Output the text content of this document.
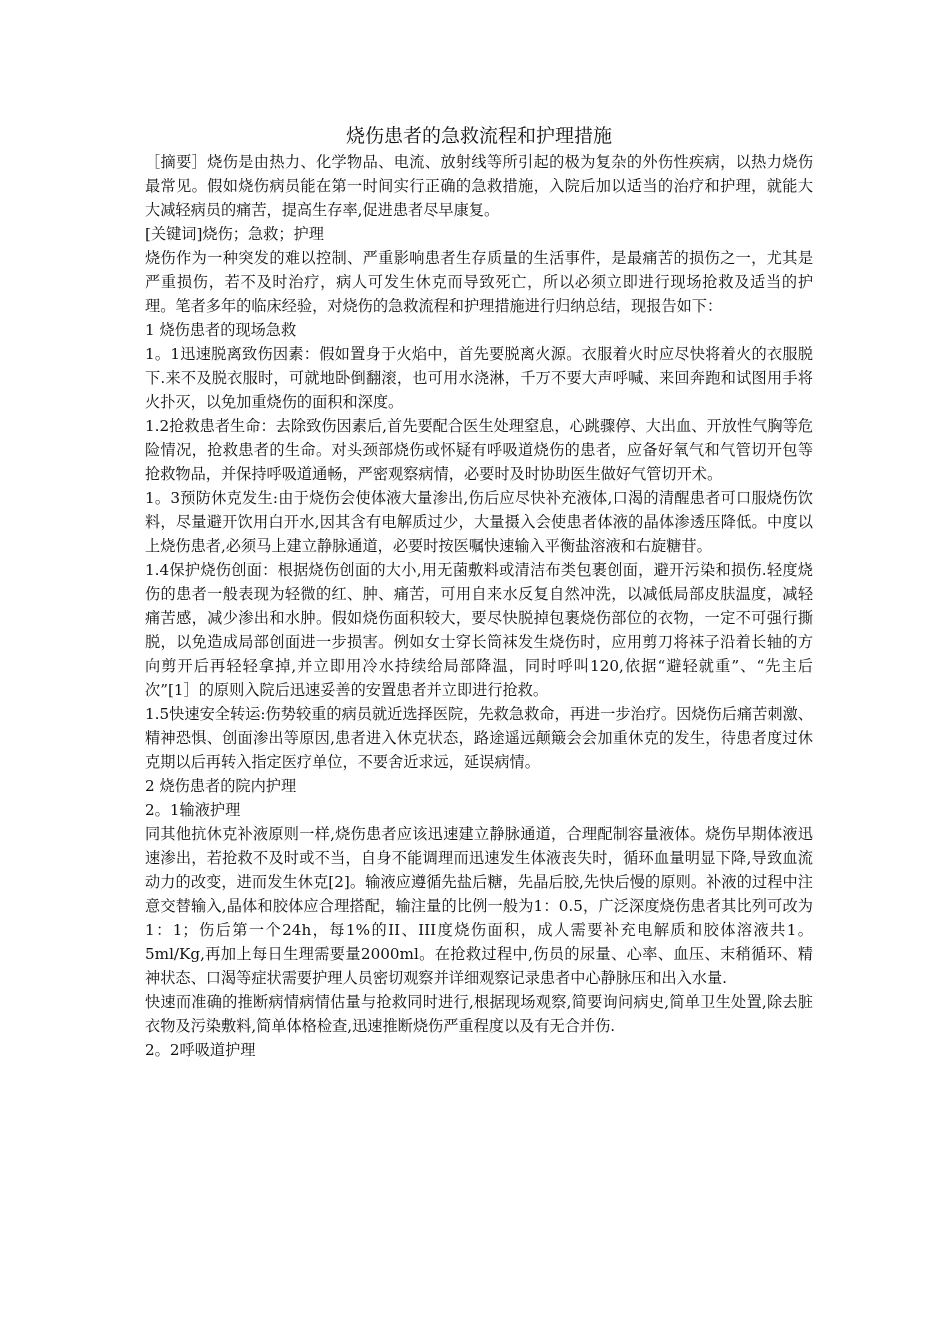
烧伤患者的急救流程和护理措施

［摘要］烧伤是由热力、化学物品、电流、放射线等所引起的极为复杂的外伤性疾病，以热力烧伤最常见。假如烧伤病员能在第一时间实行正确的急救措施，入院后加以适当的治疗和护理，就能大大减轻病员的痛苦，提高生存率,促进患者尽早康复。

[关键词]烧伤；急救；护理

烧伤作为一种突发的难以控制、严重影响患者生存质量的生活事件，是最痛苦的损伤之一，尤其是严重损伤，若不及时治疗，病人可发生休克而导致死亡，所以必须立即进行现场抢救及适当的护理。笔者多年的临床经验，对烧伤的急救流程和护理措施进行归纳总结，现报告如下：

1 烧伤患者的现场急救

1。1迅速脱离致伤因素：假如置身于火焰中，首先要脱离火源。衣服着火时应尽快将着火的衣服脱下.来不及脱衣服时，可就地卧倒翻滚，也可用水浇淋，千万不要大声呼喊、来回奔跑和试图用手将火扑灭，以免加重烧伤的面积和深度。

1.2抢救患者生命：去除致伤因素后,首先要配合医生处理窒息，心跳骤停、大出血、开放性气胸等危险情况，抢救患者的生命。对头颈部烧伤或怀疑有呼吸道烧伤的患者，应备好氧气和气管切开包等抢救物品，并保持呼吸道通畅，严密观察病情，必要时及时协助医生做好气管切开术。

1。3预防休克发生:由于烧伤会使体液大量渗出,伤后应尽快补充液体,口渴的清醒患者可口服烧伤饮料，尽量避开饮用白开水,因其含有电解质过少，大量摄入会使患者体液的晶体渗透压降低。中度以上烧伤患者,必须马上建立静脉通道，必要时按医嘱快速输入平衡盐溶液和右旋糖苷。

1.4保护烧伤创面：根据烧伤创面的大小,用无菌敷料或清洁布类包裹创面，避开污染和损伤.轻度烧伤的患者一般表现为轻微的红、肿、痛苦，可用自来水反复自然冲洗，以减低局部皮肤温度，减轻痛苦感，减少渗出和水肿。假如烧伤面积较大，要尽快脱掉包裹烧伤部位的衣物，一定不可强行撕脱，以免造成局部创面进一步损害。例如女士穿长筒袜发生烧伤时，应用剪刀将袜子沿着长轴的方向剪开后再轻轻拿掉,并立即用冷水持续给局部降温，同时呼叫120,依据“避轻就重”、“先主后次”[1］的原则入院后迅速妥善的安置患者并立即进行抢救。

1.5快速安全转运:伤势较重的病员就近选择医院，先救急救命，再进一步治疗。因烧伤后痛苦刺激、精神恐惧、创面渗出等原因,患者进入休克状态，路途遥远颠簸会会加重休克的发生，待患者度过休克期以后再转入指定医疗单位，不要舍近求远，延误病情。

2 烧伤患者的院内护理

2。1输液护理

同其他抗休克补液原则一样,烧伤患者应该迅速建立静脉通道，合理配制容量液体。烧伤早期体液迅速渗出，若抢救不及时或不当，自身不能调理而迅速发生体液丧失时，循环血量明显下降,导致血流动力的改变，进而发生休克[2]。输液应遵循先盐后糖，先晶后胶,先快后慢的原则。补液的过程中注意交替输入,晶体和胶体应合理搭配，输注量的比例一般为1：0.5，广泛深度烧伤患者其比列可改为1：1；伤后第一个24h，每1%的II、III度烧伤面积，成人需要补充电解质和胶体溶液共1。5ml/Kg,再加上每日生理需要量2000ml。在抢救过程中,伤员的尿量、心率、血压、末稍循环、精神状态、口渴等症状需要护理人员密切观察并详细观察记录患者中心静脉压和出入水量.

快速而准确的推断病情病情估量与抢救同时进行,根据现场观察,简要询问病史,简单卫生处置,除去脏衣物及污染敷料,简单体格检查,迅速推断烧伤严重程度以及有无合并伤.

2。2呼吸道护理
